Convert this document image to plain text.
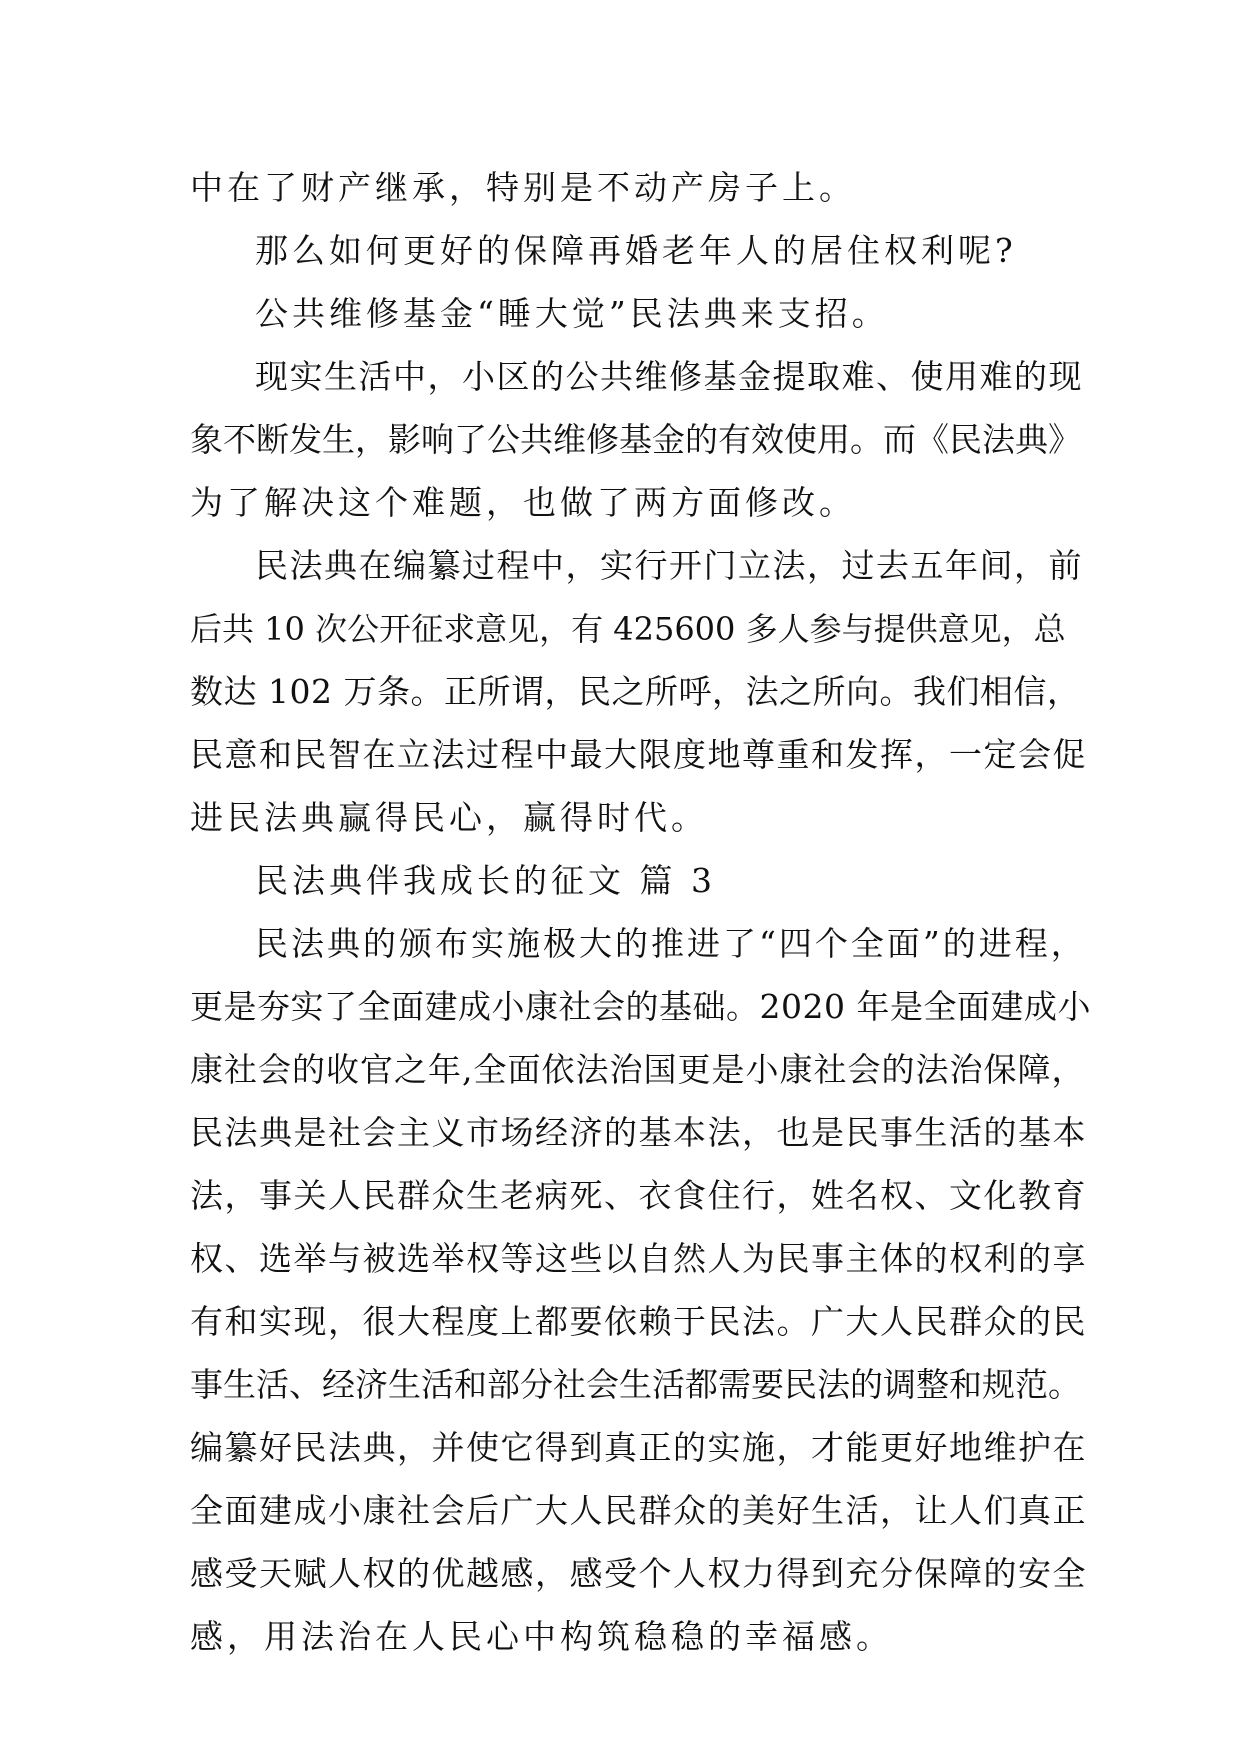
中在了财产继承，特别是不动产房子上。
那么如何更好的保障再婚老年人的居住权利呢?
公共维修基金“睡大觉”民法典来支招。
现实生活中，小区的公共维修基金提取难、使用难的现
象不断发生，影响了公共维修基金的有效使用。而《民法典》
为了解决这个难题，也做了两方面修改。
民法典在编纂过程中，实行开门立法，过去五年间，前
后共 10 次公开征求意见，有 425600 多人参与提供意见，总
数达 102 万条。正所谓，民之所呼，法之所向。我们相信，
民意和民智在立法过程中最大限度地尊重和发挥，一定会促
进民法典赢得民心，赢得时代。
民法典伴我成长的征文 篇 3
民法典的颁布实施极大的推进了“四个全面”的进程，
更是夯实了全面建成小康社会的基础。2020 年是全面建成小
康社会的收官之年,全面依法治国更是小康社会的法治保障，
民法典是社会主义市场经济的基本法，也是民事生活的基本
法，事关人民群众生老病死、衣食住行，姓名权、文化教育
权、选举与被选举权等这些以自然人为民事主体的权利的享
有和实现，很大程度上都要依赖于民法。广大人民群众的民
事生活、经济生活和部分社会生活都需要民法的调整和规范。
编纂好民法典，并使它得到真正的实施，才能更好地维护在
全面建成小康社会后广大人民群众的美好生活，让人们真正
感受天赋人权的优越感，感受个人权力得到充分保障的安全
感，用法治在人民心中构筑稳稳的幸福感。
